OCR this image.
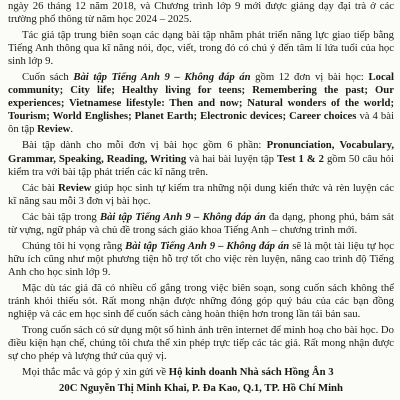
ngày 26 tháng 12 năm 2018, và Chương trình lớp 9 mới được giảng dạy đại trà ở các trường phổ thông từ năm học 2024 – 2025.

Tác giả tập trung biên soạn các dạng bài tập nhằm phát triển năng lực giao tiếp bằng Tiếng Anh thông qua kĩ năng nói, đọc, viết, trong đó có chú ý đến tâm lí lứa tuổi của học sinh lớp 9.

Cuốn sách Bài tập Tiếng Anh 9 – Không đáp án gồm 12 đơn vị bài học: Local community; City life; Healthy living for teens; Remembering the past; Our experiences; Vietnamese lifestyle: Then and now; Natural wonders of the world; Tourism; World Englishes; Planet Earth; Electronic devices; Career choices và 4 bài ôn tập Review.

Bài tập dành cho mỗi đơn vị bài học gồm 6 phần: Pronunciation, Vocabulary, Grammar, Speaking, Reading, Writing và hai bài luyện tập Test 1 & 2 gồm 50 câu hỏi kiểm tra với bài tập phát triển các kĩ năng trên.

Các bài Review giúp học sinh tự kiểm tra những nội dung kiến thức và rèn luyện các kĩ năng sau mỗi 3 đơn vị bài học.

Các bài tập trong Bài tập Tiếng Anh 9 – Không đáp án đa dạng, phong phú, bám sát từ vựng, ngữ pháp và chủ đề trong sách giáo khoa Tiếng Anh – chương trình mới.

Chúng tôi hi vọng rằng Bài tập Tiếng Anh 9 – Không đáp án sẽ là một tài liệu tự học hữu ích cũng như một phương tiện hỗ trợ tốt cho việc rèn luyện, nâng cao trình độ Tiếng Anh cho học sinh lớp 9.

Mặc dù tác giả đã có nhiều cố gắng trong việc biên soạn, song cuốn sách không thể tránh khỏi thiếu sót. Rất mong nhận được những đóng góp quý báu của các bạn đồng nghiệp và các em học sinh để cuốn sách càng hoàn thiện hơn trong lần tái bản sau.

Trong cuốn sách có sử dụng một số hình ảnh trên internet để minh hoạ cho bài học. Do điều kiện hạn chế, chúng tôi chưa thể xin phép trực tiếp các tác giả. Rất mong nhận được sự cho phép và lượng thứ của quý vị.

Mọi thắc mắc và góp ý xin gửi về Hộ kinh doanh Nhà sách Hồng Ân 3

20C Nguyễn Thị Minh Khai, P. Đa Kao, Q.1, TP. Hồ Chí Minh
